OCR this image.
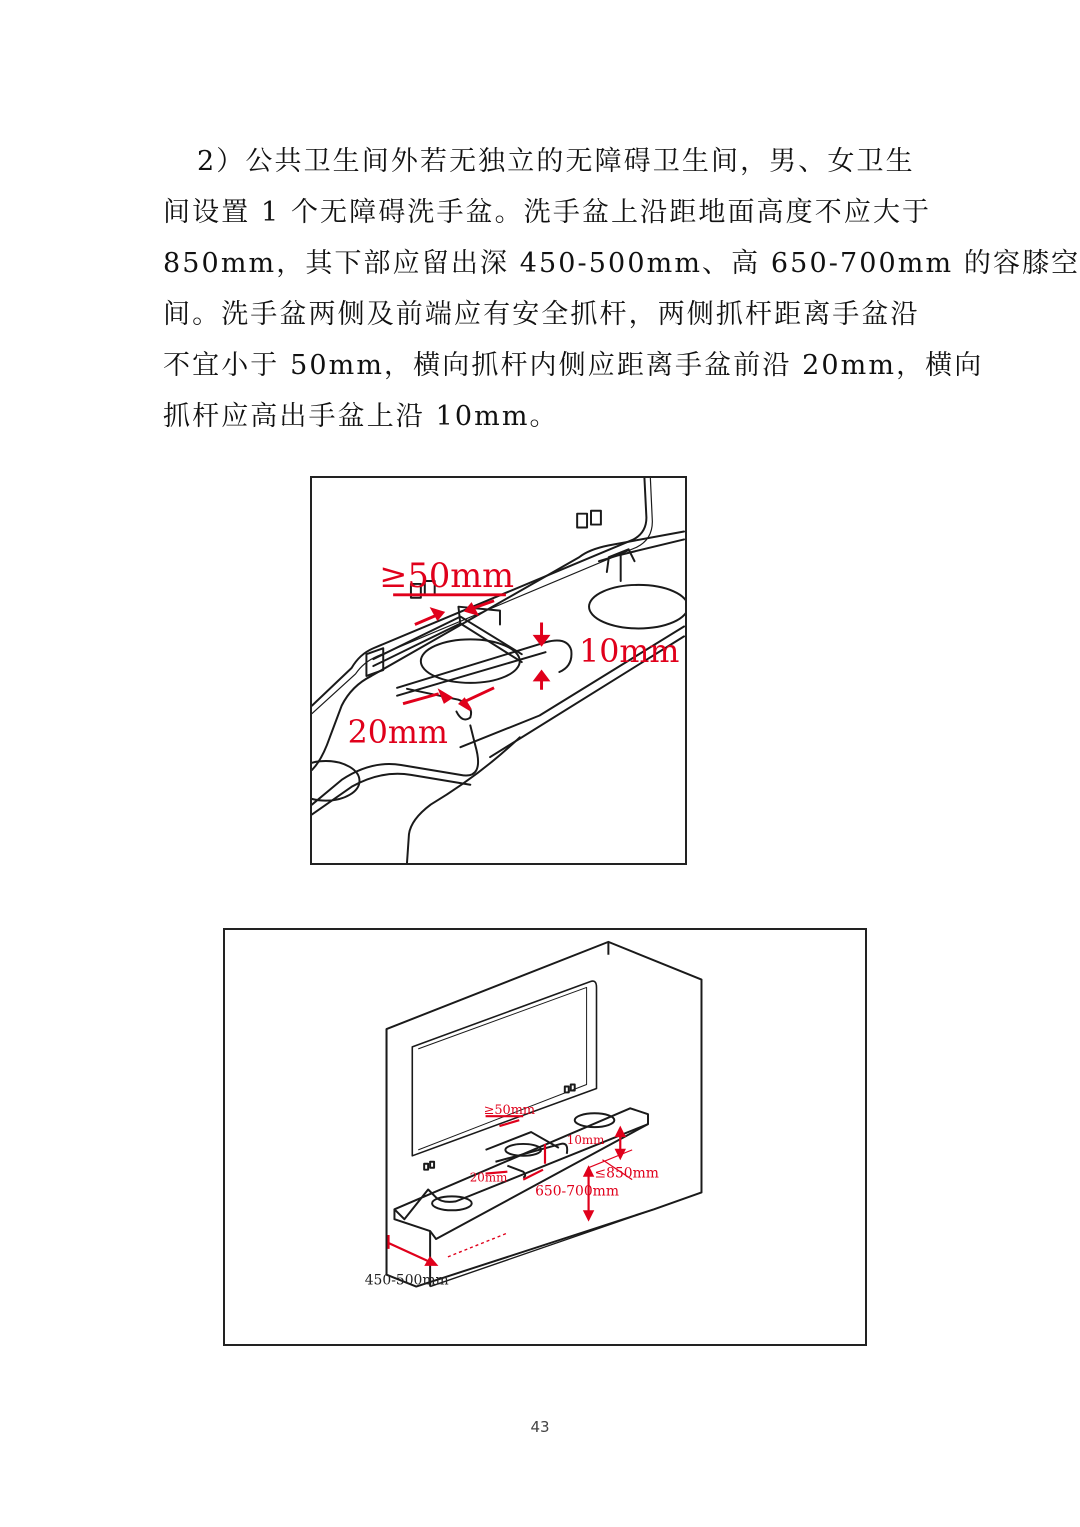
2）公共卫生间外若无独立的无障碍卫生间，男、女卫生
间设置 1 个无障碍洗手盆。洗手盆上沿距地面高度不应大于
850mm，其下部应留出深 450-500mm、高 650-700mm 的容膝空
间。洗手盆两侧及前端应有安全抓杆，两侧抓杆距离手盆沿
不宜小于 50mm，横向抓杆内侧应距离手盆前沿 20mm，横向
抓杆应高出手盆上沿 10mm。

≥50mm
10mm
20mm
≥50mm
10mm
20mm	≤850mm
650-700mm
450-500mm
43
